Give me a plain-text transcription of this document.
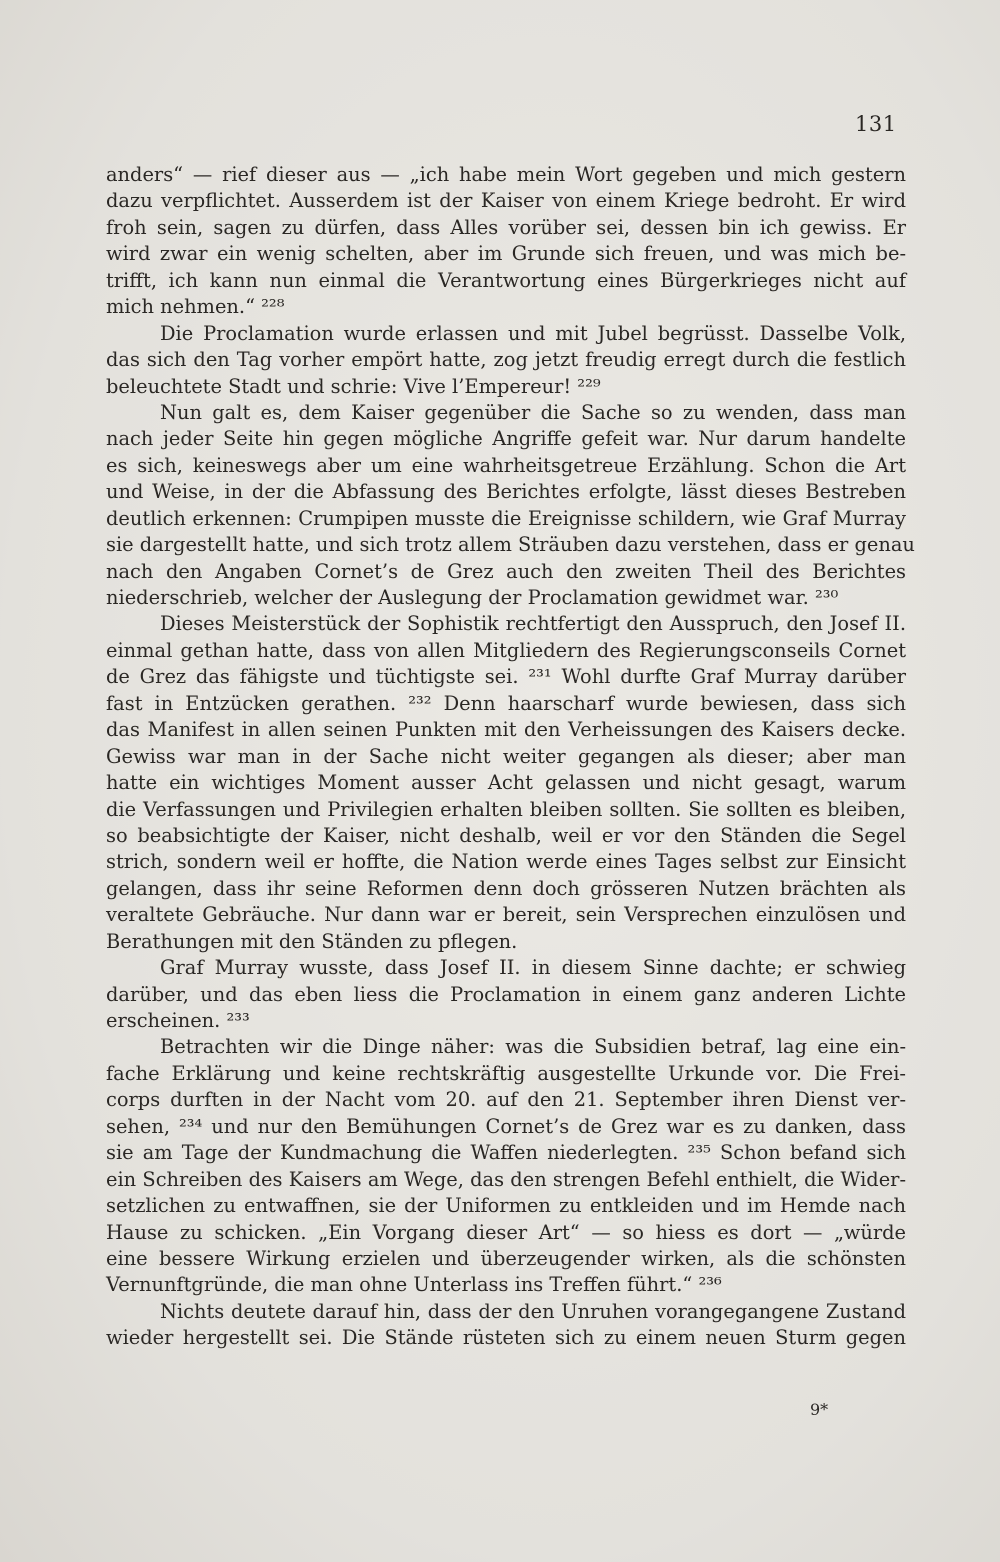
131
anders“ — rief dieser aus — „ich habe mein Wort gegeben und mich gestern
dazu verpflichtet. Ausserdem ist der Kaiser von einem Kriege bedroht. Er wird
froh sein, sagen zu dürfen, dass Alles vorüber sei, dessen bin ich gewiss. Er
wird zwar ein wenig schelten, aber im Grunde sich freuen, und was mich be-
trifft, ich kann nun einmal die Verantwortung eines Bürgerkrieges nicht auf
mich nehmen.“ ²²⁸
Die Proclamation wurde erlassen und mit Jubel begrüsst. Dasselbe Volk,
das sich den Tag vorher empört hatte, zog jetzt freudig erregt durch die festlich
beleuchtete Stadt und schrie: Vive l’Empereur! ²²⁹
Nun galt es, dem Kaiser gegenüber die Sache so zu wenden, dass man
nach jeder Seite hin gegen mögliche Angriffe gefeit war. Nur darum handelte
es sich, keineswegs aber um eine wahrheitsgetreue Erzählung. Schon die Art
und Weise, in der die Abfassung des Berichtes erfolgte, lässt dieses Bestreben
deutlich erkennen: Crumpipen musste die Ereignisse schildern, wie Graf Murray
sie dargestellt hatte, und sich trotz allem Sträuben dazu verstehen, dass er genau
nach den Angaben Cornet’s de Grez auch den zweiten Theil des Berichtes
niederschrieb, welcher der Auslegung der Proclamation gewidmet war. ²³⁰
Dieses Meisterstück der Sophistik rechtfertigt den Ausspruch, den Josef II.
einmal gethan hatte, dass von allen Mitgliedern des Regierungsconseils Cornet
de Grez das fähigste und tüchtigste sei. ²³¹ Wohl durfte Graf Murray darüber
fast in Entzücken gerathen. ²³² Denn haarscharf wurde bewiesen, dass sich
das Manifest in allen seinen Punkten mit den Verheissungen des Kaisers decke.
Gewiss war man in der Sache nicht weiter gegangen als dieser; aber man
hatte ein wichtiges Moment ausser Acht gelassen und nicht gesagt, warum
die Verfassungen und Privilegien erhalten bleiben sollten. Sie sollten es bleiben,
so beabsichtigte der Kaiser, nicht deshalb, weil er vor den Ständen die Segel
strich, sondern weil er hoffte, die Nation werde eines Tages selbst zur Einsicht
gelangen, dass ihr seine Reformen denn doch grösseren Nutzen brächten als
veraltete Gebräuche. Nur dann war er bereit, sein Versprechen einzulösen und
Berathungen mit den Ständen zu pflegen.
Graf Murray wusste, dass Josef II. in diesem Sinne dachte; er schwieg
darüber, und das eben liess die Proclamation in einem ganz anderen Lichte
erscheinen. ²³³
Betrachten wir die Dinge näher: was die Subsidien betraf, lag eine ein-
fache Erklärung und keine rechtskräftig ausgestellte Urkunde vor. Die Frei-
corps durften in der Nacht vom 20. auf den 21. September ihren Dienst ver-
sehen, ²³⁴ und nur den Bemühungen Cornet’s de Grez war es zu danken, dass
sie am Tage der Kundmachung die Waffen niederlegten. ²³⁵ Schon befand sich
ein Schreiben des Kaisers am Wege, das den strengen Befehl enthielt, die Wider-
setzlichen zu entwaffnen, sie der Uniformen zu entkleiden und im Hemde nach
Hause zu schicken. „Ein Vorgang dieser Art“ — so hiess es dort — „würde
eine bessere Wirkung erzielen und überzeugender wirken, als die schönsten
Vernunftgründe, die man ohne Unterlass ins Treffen führt.“ ²³⁶
Nichts deutete darauf hin, dass der den Unruhen vorangegangene Zustand
wieder hergestellt sei. Die Stände rüsteten sich zu einem neuen Sturm gegen
9*
